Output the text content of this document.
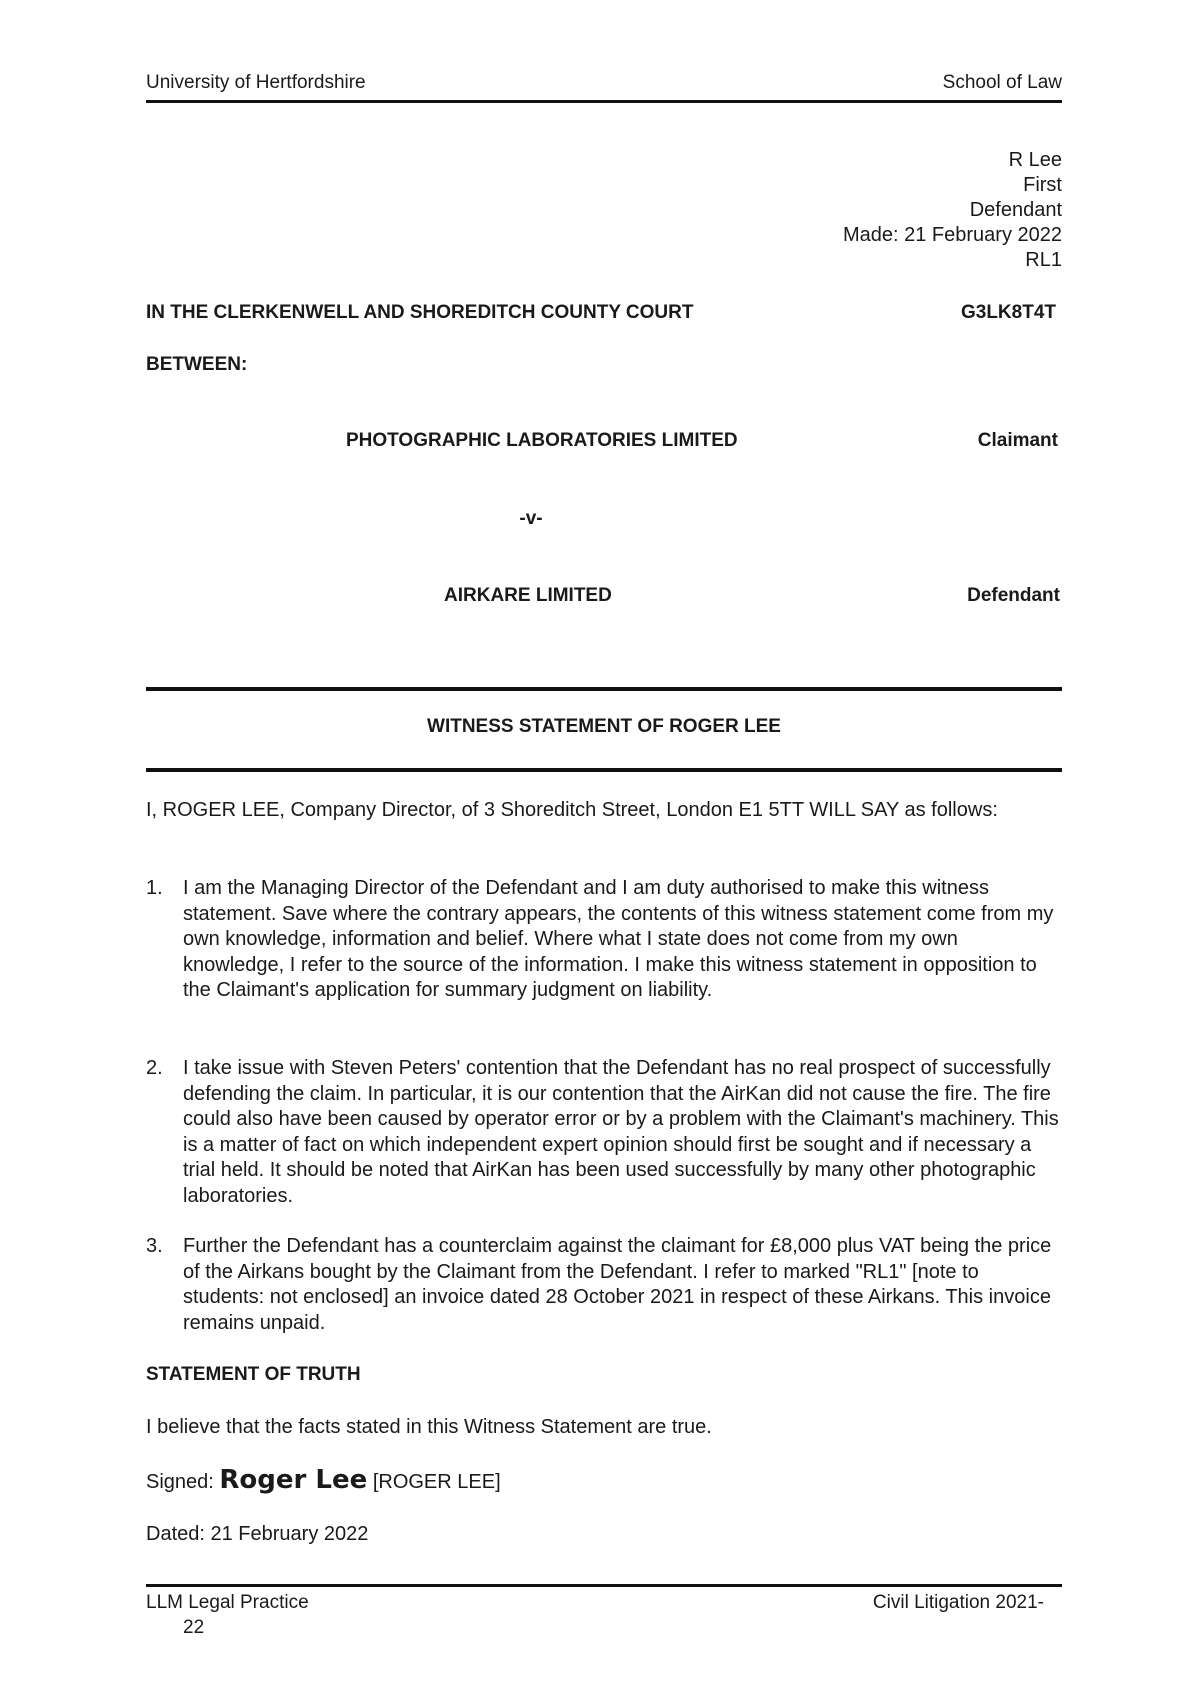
University of Hertfordshire	School of Law
R Lee
First
Defendant
Made: 21 February 2022
RL1
IN THE CLERKENWELL AND SHOREDITCH COUNTY COURT	G3LK8T4T
BETWEEN:
PHOTOGRAPHIC LABORATORIES LIMITED	Claimant
-v-
AIRKARE LIMITED	Defendant
WITNESS STATEMENT OF ROGER LEE
I, ROGER LEE, Company Director, of 3 Shoreditch Street, London E1 5TT WILL SAY as follows:
1. I am the Managing Director of the Defendant and I am duty authorised to make this witness statement. Save where the contrary appears, the contents of this witness statement come from my own knowledge, information and belief. Where what I state does not come from my own knowledge, I refer to the source of the information. I make this witness statement in opposition to the Claimant's application for summary judgment on liability.
2. I take issue with Steven Peters' contention that the Defendant has no real prospect of successfully defending the claim. In particular, it is our contention that the AirKan did not cause the fire. The fire could also have been caused by operator error or by a problem with the Claimant's machinery. This is a matter of fact on which independent expert opinion should first be sought and if necessary a trial held. It should be noted that AirKan has been used successfully by many other photographic laboratories.
3. Further the Defendant has a counterclaim against the claimant for £8,000 plus VAT being the price of the Airkans bought by the Claimant from the Defendant. I refer to marked "RL1" [note to students: not enclosed] an invoice dated 28 October 2021 in respect of these Airkans. This invoice remains unpaid.
STATEMENT OF TRUTH
I believe that the facts stated in this Witness Statement are true.
Signed: Roger Lee [ROGER LEE]
Dated: 21 February 2022
LLM Legal Practice	Civil Litigation 2021-
22
